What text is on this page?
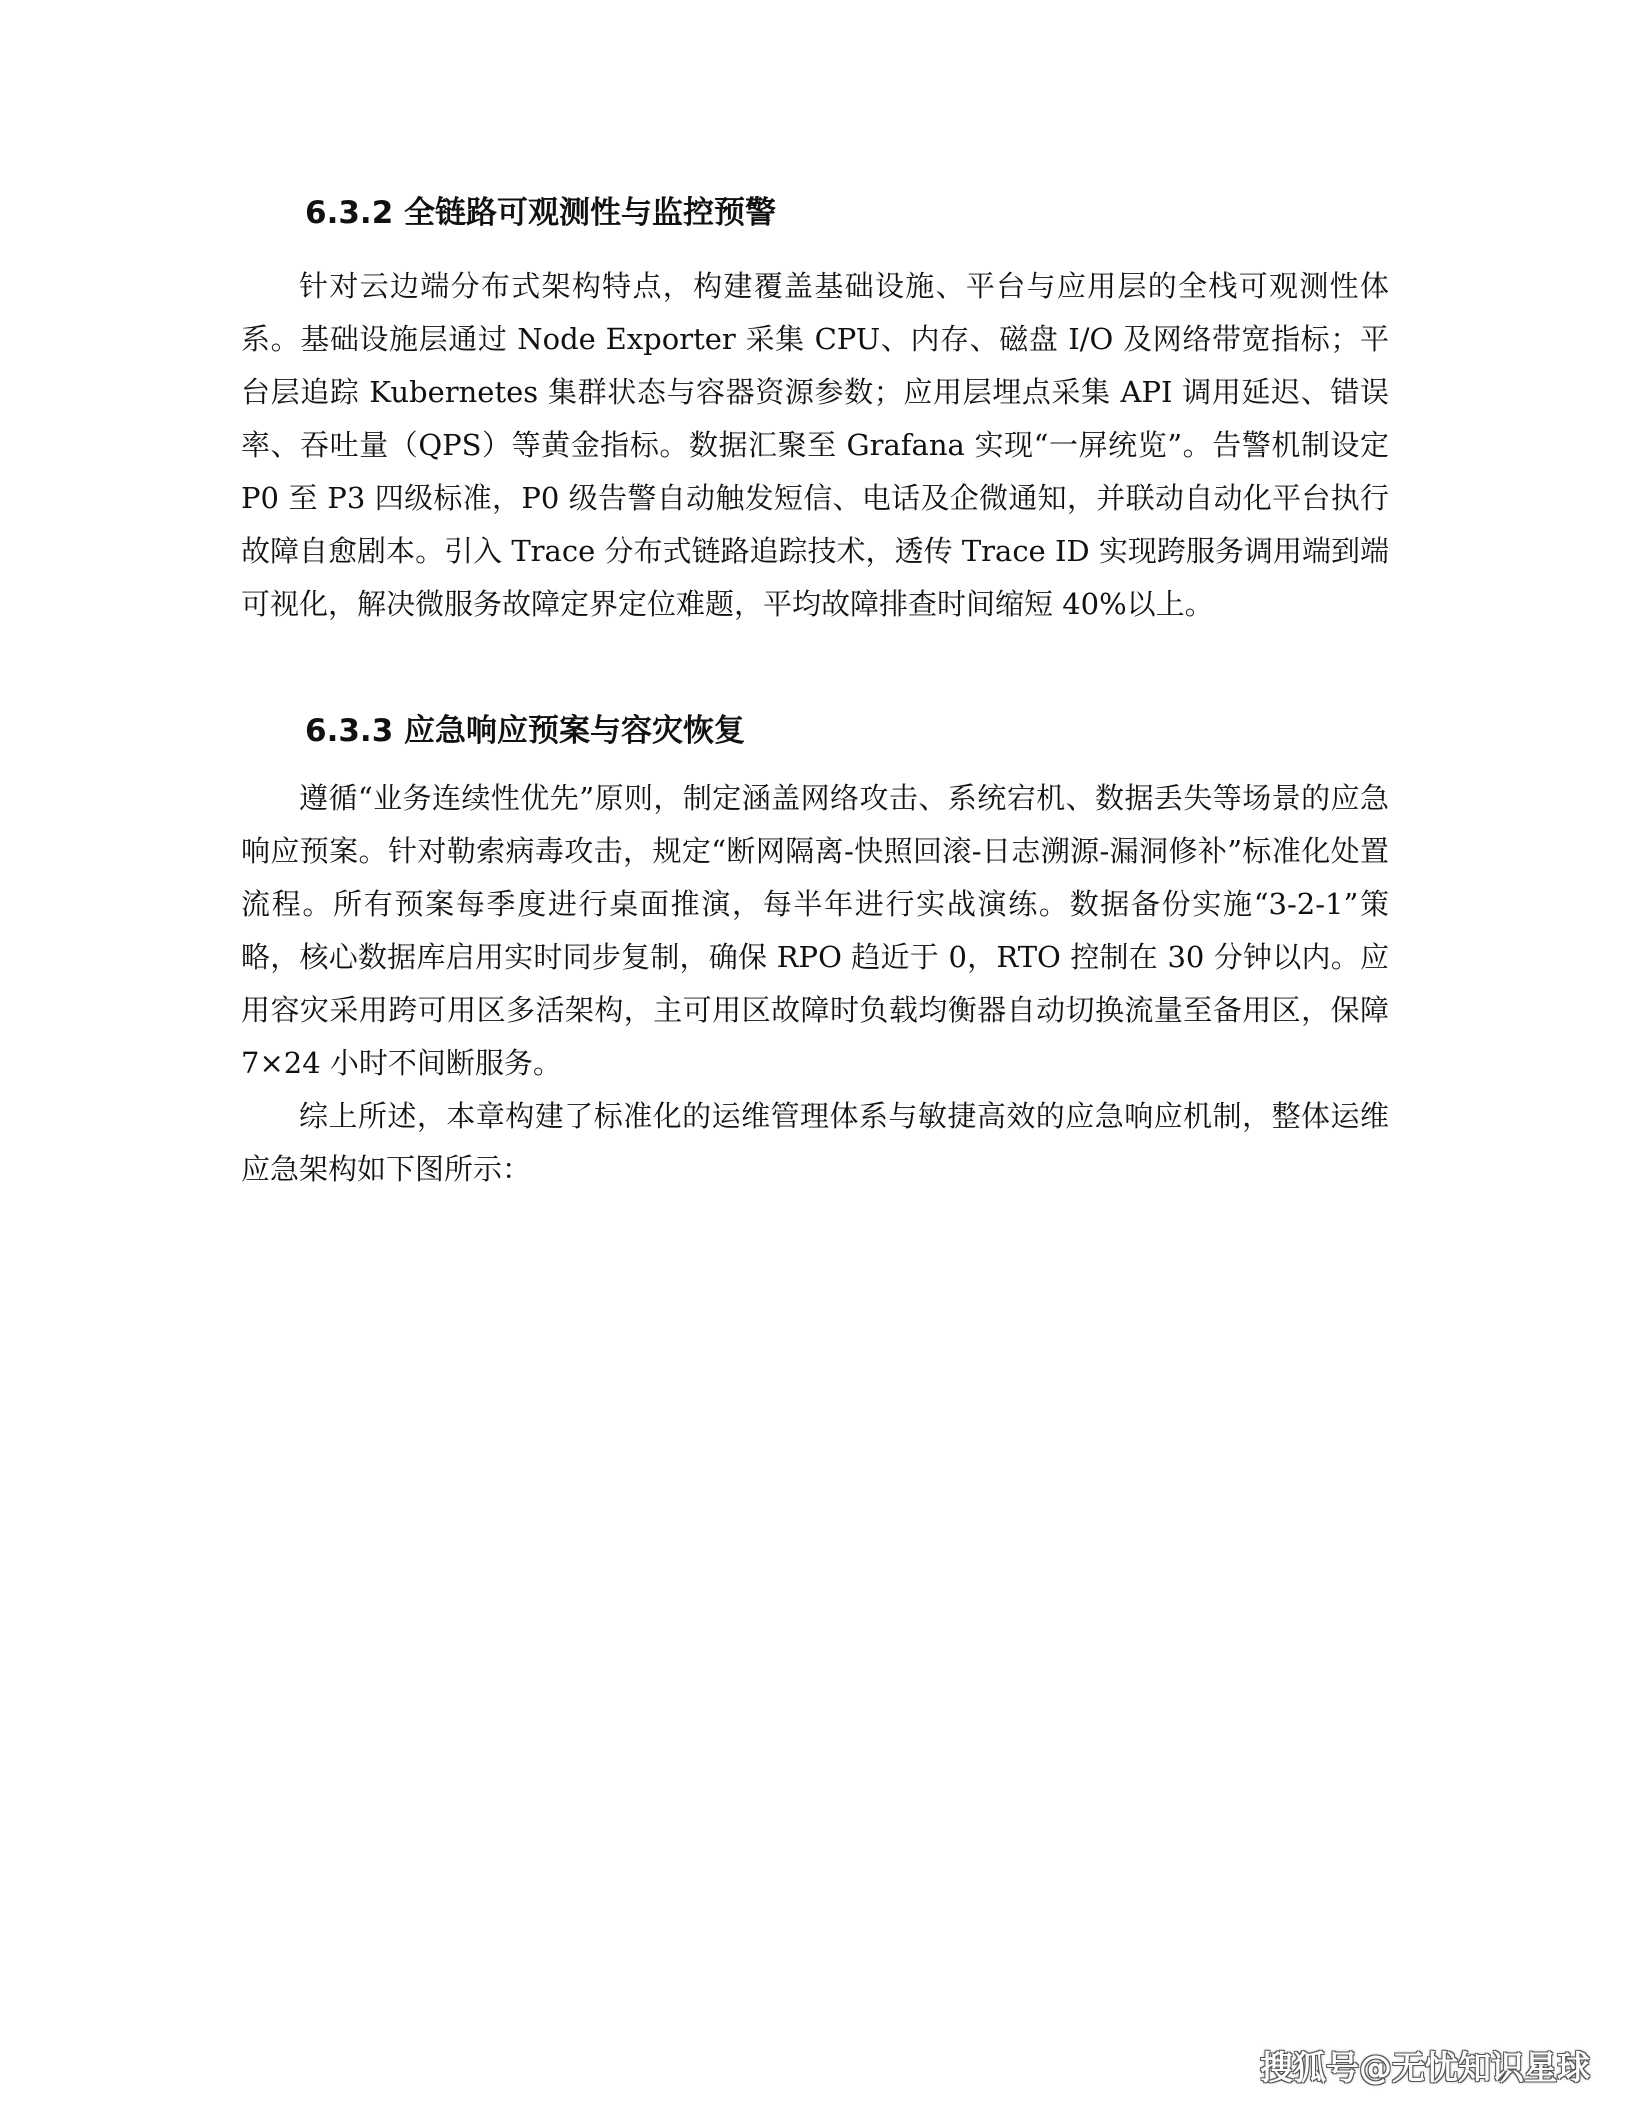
6.3.2 全链路可观测性与监控预警

针对云边端分布式架构特点，构建覆盖基础设施、平台与应用层的全栈可观测性体系。基础设施层通过 Node Exporter 采集 CPU、内存、磁盘 I/O 及网络带宽指标；平台层追踪 Kubernetes 集群状态与容器资源参数；应用层埋点采集 API 调用延迟、错误率、吞吐量（QPS）等黄金指标。数据汇聚至 Grafana 实现“一屏统览”。告警机制设定 P0 至 P3 四级标准，P0 级告警自动触发短信、电话及企微通知，并联动自动化平台执行故障自愈剧本。引入 Trace 分布式链路追踪技术，透传 Trace ID 实现跨服务调用端到端可视化，解决微服务故障定界定位难题，平均故障排查时间缩短 40%以上。

6.3.3 应急响应预案与容灾恢复

遵循“业务连续性优先”原则，制定涵盖网络攻击、系统宕机、数据丢失等场景的应急响应预案。针对勒索病毒攻击，规定“断网隔离-快照回滚-日志溯源-漏洞修补”标准化处置流程。所有预案每季度进行桌面推演，每半年进行实战演练。数据备份实施“3-2-1”策略，核心数据库启用实时同步复制，确保 RPO 趋近于 0，RTO 控制在 30 分钟以内。应用容灾采用跨可用区多活架构，主可用区故障时负载均衡器自动切换流量至备用区，保障 7×24 小时不间断服务。

综上所述，本章构建了标准化的运维管理体系与敏捷高效的应急响应机制，整体运维应急架构如下图所示：

搜狐号@无忧知识星球
